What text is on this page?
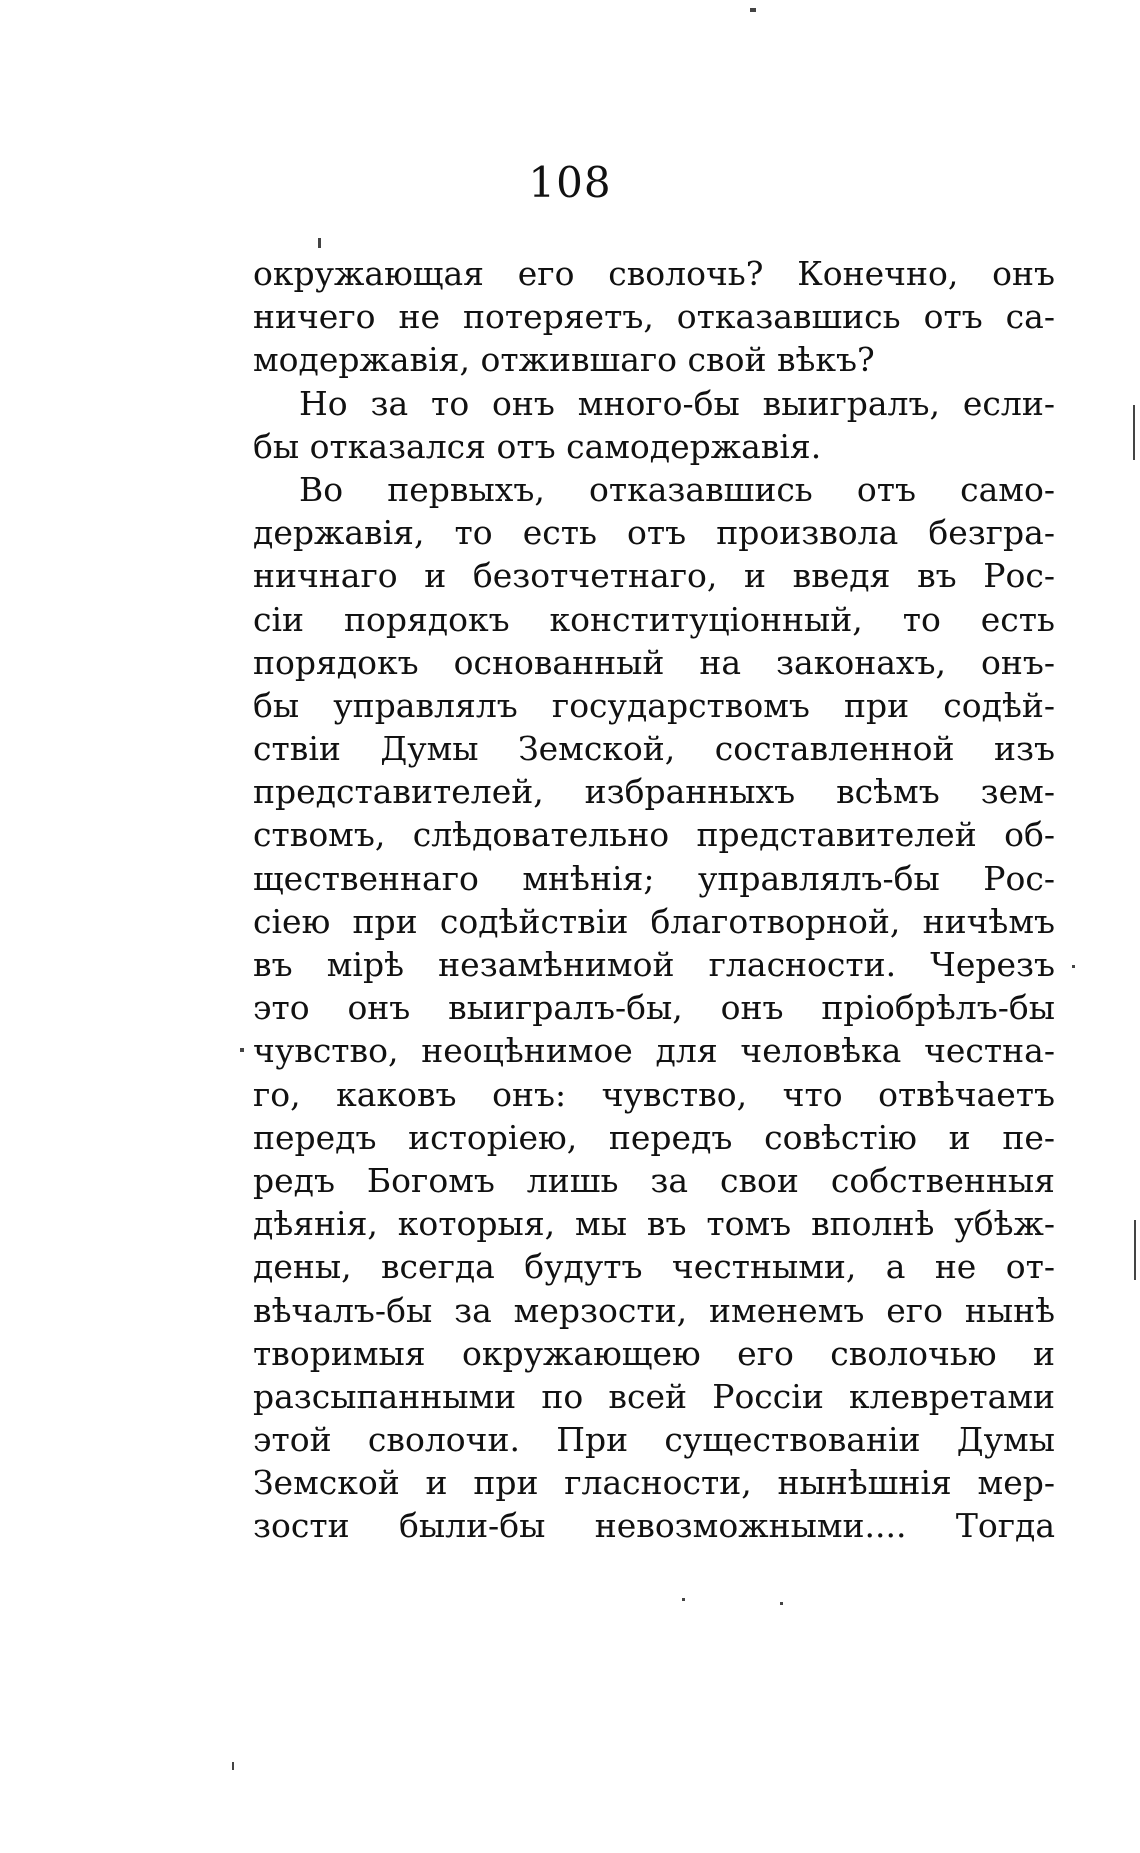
108
окружающая его сволочь? Конечно, онъ
ничего не потеряетъ, отказавшись отъ са-
модержавія, отжившаго свой вѣкъ?
Но за то онъ много-бы выигралъ, если-
бы отказался отъ самодержавія.
Во первыхъ, отказавшись отъ само-
державія, то есть отъ произвола безгра-
ничнаго и безотчетнаго, и введя въ Рос-
сіи порядокъ конституціонный, то есть
порядокъ основанный на законахъ, онъ-
бы управлялъ государствомъ при содѣй-
ствіи Думы Земской, составленной изъ
представителей, избранныхъ всѣмъ зем-
ствомъ, слѣдовательно представителей об-
щественнаго мнѣнія; управлялъ-бы Рос-
сіею при содѣйствіи благотворной, ничѣмъ
въ мірѣ незамѣнимой гласности. Черезъ
это онъ выигралъ-бы, онъ пріобрѣлъ-бы
чувство, неоцѣнимое для человѣка честна-
го, каковъ онъ: чувство, что отвѣчаетъ
передъ исторіею, передъ совѣстію и пе-
редъ Богомъ лишь за свои собственныя
дѣянія, которыя, мы въ томъ вполнѣ убѣж-
дены, всегда будутъ честными, а не от-
вѣчалъ-бы за мерзости, именемъ его нынѣ
творимыя окружающею его сволочью и
разсыпанными по всей Россіи клевретами
этой сволочи. При существованіи Думы
Земской и при гласности, нынѣшнія мер-
зости были-бы невозможными.... Тогда
